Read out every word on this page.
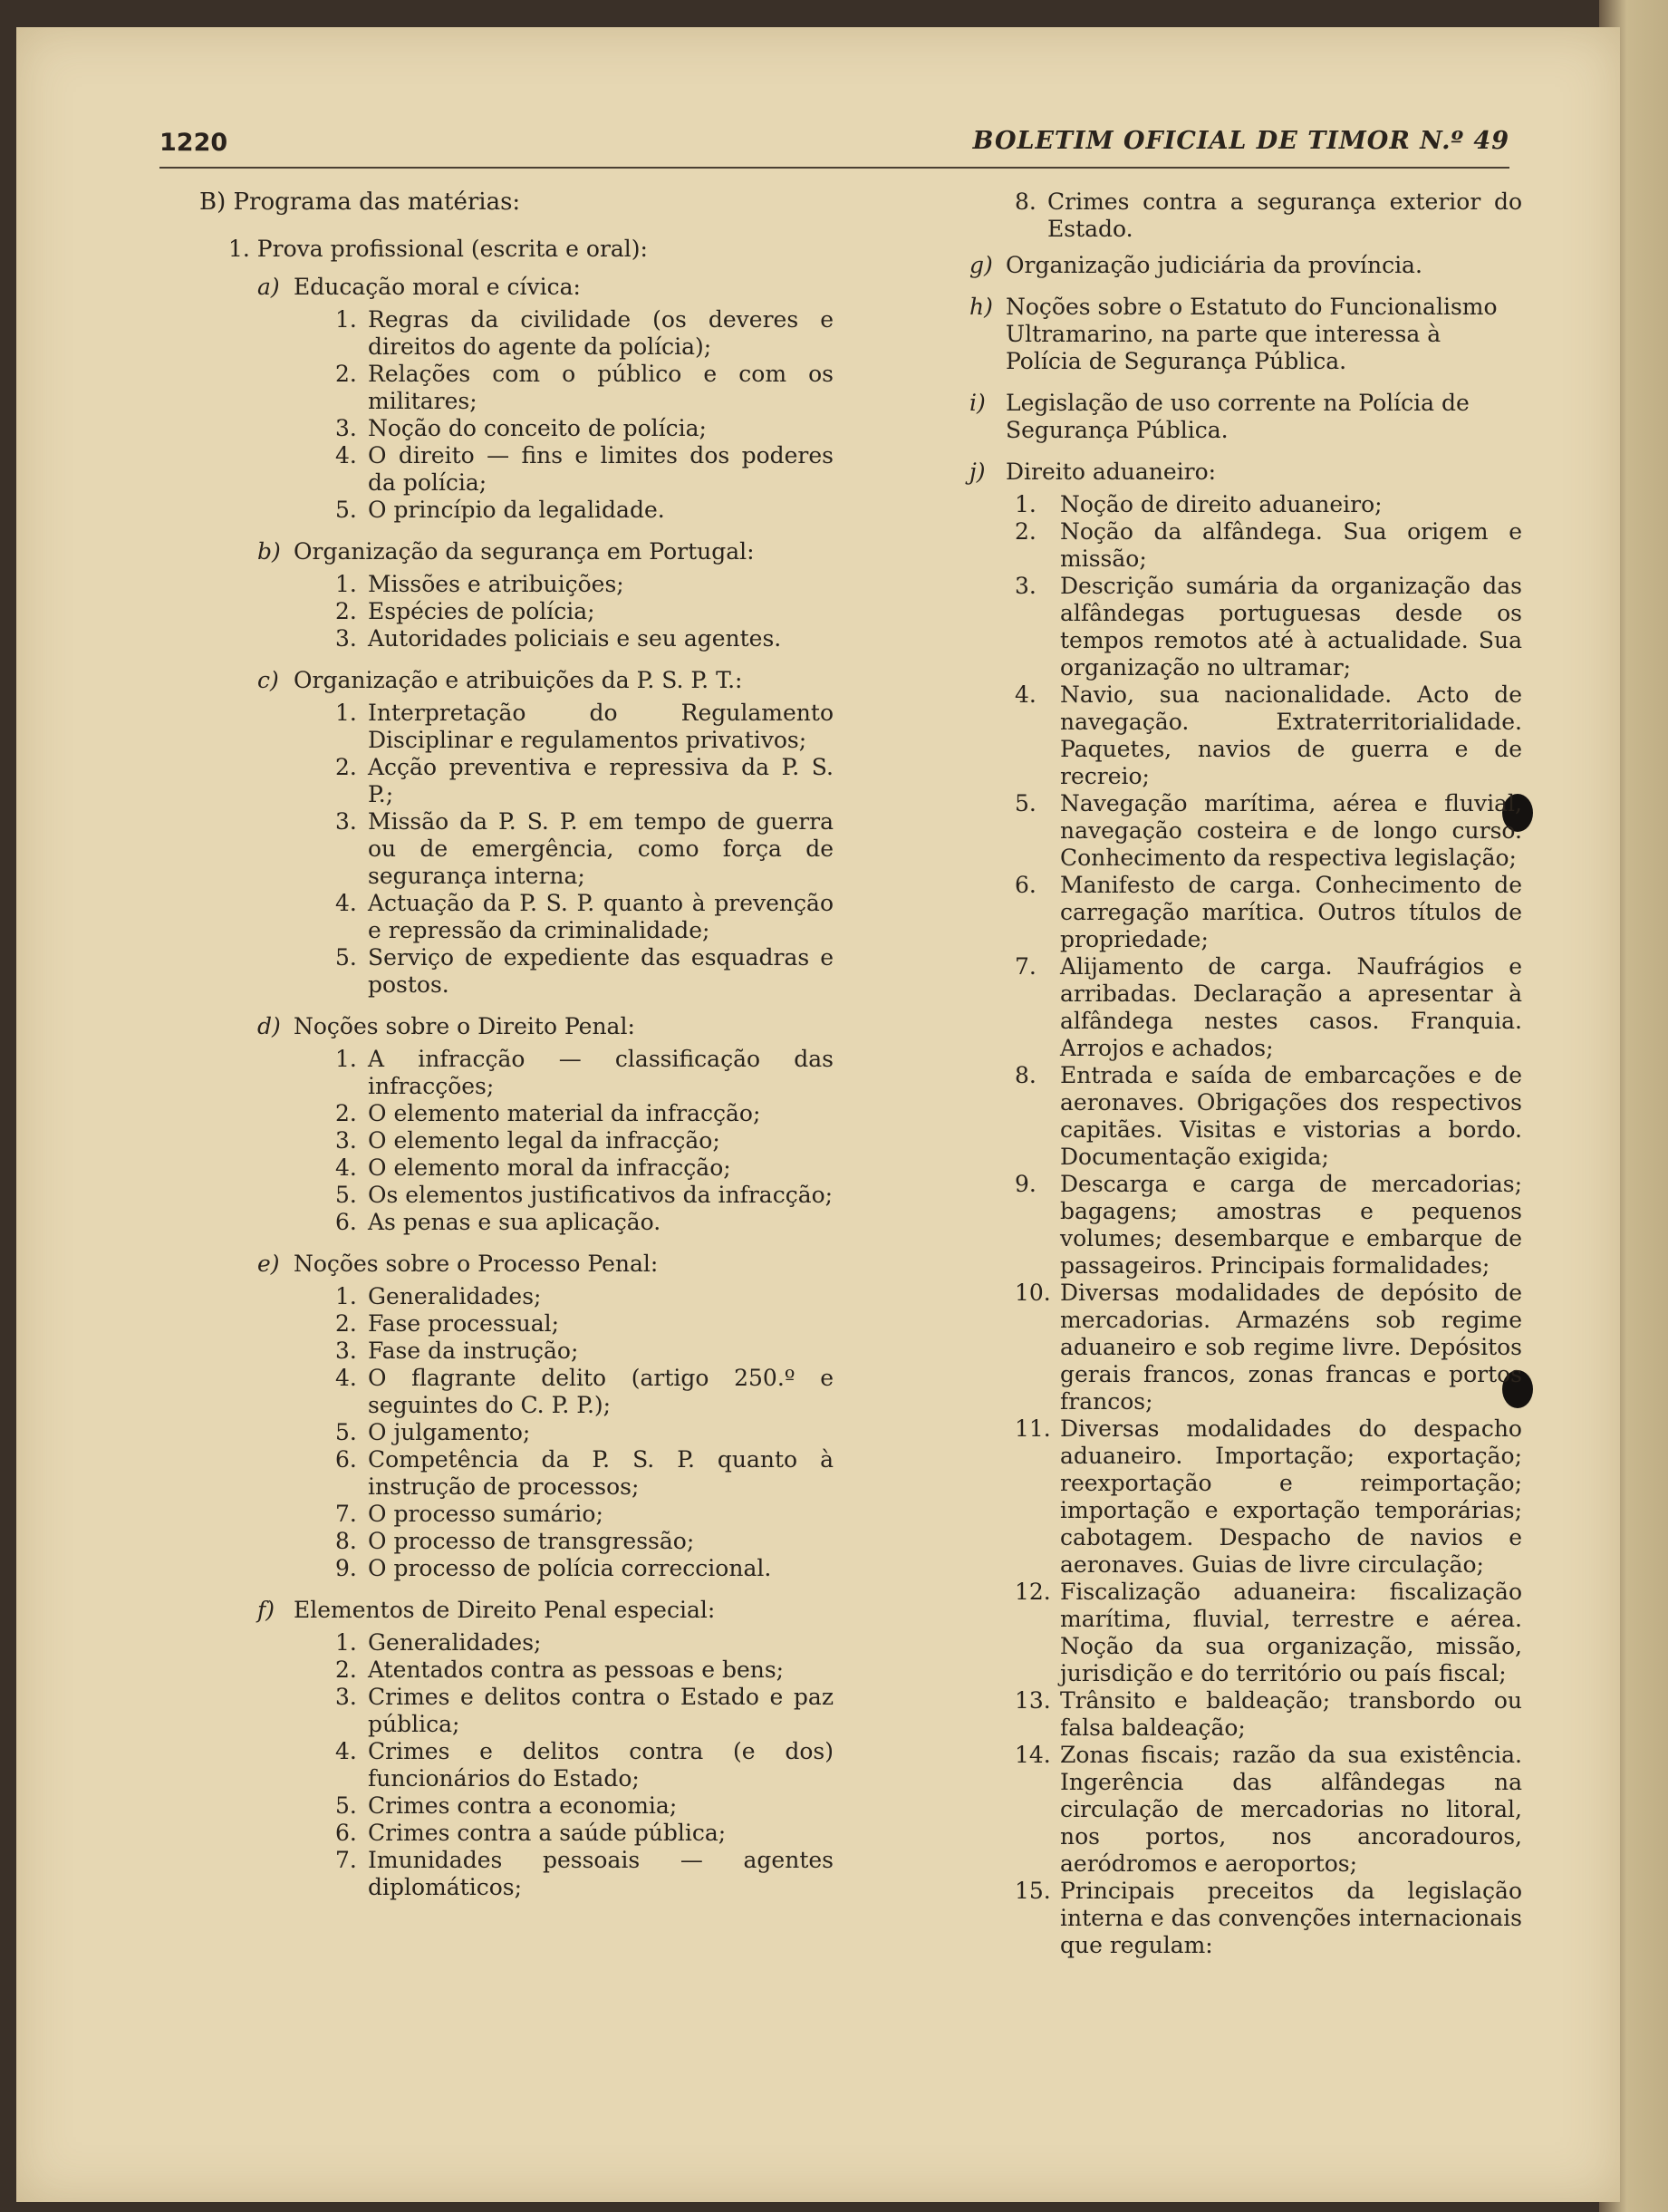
1220	BOLETIM OFICIAL DE TIMOR N.º 49
B) Programa das matérias:
1. Prova profissional (escrita e oral):
a) Educação moral e cívica:
1. Regras da civilidade (os deveres e direitos do agente da polícia);
2. Relações com o público e com os militares;
3. Noção do conceito de polícia;
4. O direito — fins e limites dos poderes da polícia;
5. O princípio da legalidade.
b) Organização da segurança em Portugal:
1. Missões e atribuições;
2. Espécies de polícia;
3. Autoridades policiais e seu agentes.
c) Organização e atribuições da P. S. P. T.:
1. Interpretação do Regulamento Disciplinar e regulamentos privativos;
2. Acção preventiva e repressiva da P. S. P.;
3. Missão da P. S. P. em tempo de guerra ou de emergência, como força de segurança interna;
4. Actuação da P. S. P. quanto à prevenção e repressão da criminalidade;
5. Serviço de expediente das esquadras e postos.
d) Noções sobre o Direito Penal:
1. A infracção — classificação das infracções;
2. O elemento material da infracção;
3. O elemento legal da infracção;
4. O elemento moral da infracção;
5. Os elementos justificativos da infracção;
6. As penas e sua aplicação.
e) Noções sobre o Processo Penal:
1. Generalidades;
2. Fase processual;
3. Fase da instrução;
4. O flagrante delito (artigo 250.º e seguintes do C. P. P.);
5. O julgamento;
6. Competência da P. S. P. quanto à instrução de processos;
7. O processo sumário;
8. O processo de transgressão;
9. O processo de polícia correccional.
f) Elementos de Direito Penal especial:
1. Generalidades;
2. Atentados contra as pessoas e bens;
3. Crimes e delitos contra o Estado e paz pública;
4. Crimes e delitos contra (e dos) funcionários do Estado;
5. Crimes contra a economia;
6. Crimes contra a saúde pública;
7. Imunidades pessoais — agentes diplomáticos;
8. Crimes contra a segurança exterior do Estado.
g) Organização judiciária da província.
h) Noções sobre o Estatuto do Funcionalismo Ultramarino, na parte que interessa à Polícia de Segurança Pública.
i) Legislação de uso corrente na Polícia de Segurança Pública.
j) Direito aduaneiro:
1.	Noção de direito aduaneiro;
2.	Noção da alfândega. Sua origem e missão;
3.	Descrição sumária da organização das alfândegas portuguesas desde os tempos remotos até à actualidade. Sua organização no ultramar;
4.	Navio, sua nacionalidade. Acto de navegação. Extraterritorialidade. Paquetes, navios de guerra e de recreio;
5.	Navegação marítima, aérea e fluvial, navegação costeira e de longo curso. Conhecimento da respectiva legislação;
6.	Manifesto de carga. Conhecimento de carregação marítica. Outros títulos de propriedade;
7.	Alijamento de carga. Naufrágios e arribadas. Declaração a apresentar à alfândega nestes casos. Franquia. Arrojos e achados;
8.	Entrada e saída de embarcações e de aeronaves. Obrigações dos respectivos capitães. Visitas e vistorias a bordo. Documentação exigida;
9.	Descarga e carga de mercadorias; bagagens; amostras e pequenos volumes; desembarque e embarque de passageiros. Principais formalidades;
10. Diversas modalidades de depósito de mercadorias. Armazéns sob regime aduaneiro e sob regime livre. Depósitos gerais francos, zonas francas e portos francos;
11. Diversas modalidades do despacho aduaneiro. Importação; exportação; reexportação e reimportação; importação e exportação temporárias; cabotagem. Despacho de navios e aeronaves. Guias de livre circulação;
12. Fiscalização aduaneira: fiscalização marítima, fluvial, terrestre e aérea. Noção da sua organização, missão, jurisdição e do território ou país fiscal;
13. Trânsito e baldeação; transbordo ou falsa baldeação;
14. Zonas fiscais; razão da sua existência. Ingerência das alfândegas na circulação de mercadorias no litoral, nos portos, nos ancoradouros, aeródromos e aeroportos;
15. Principais preceitos da legislação interna e das convenções internacionais que regulam:
